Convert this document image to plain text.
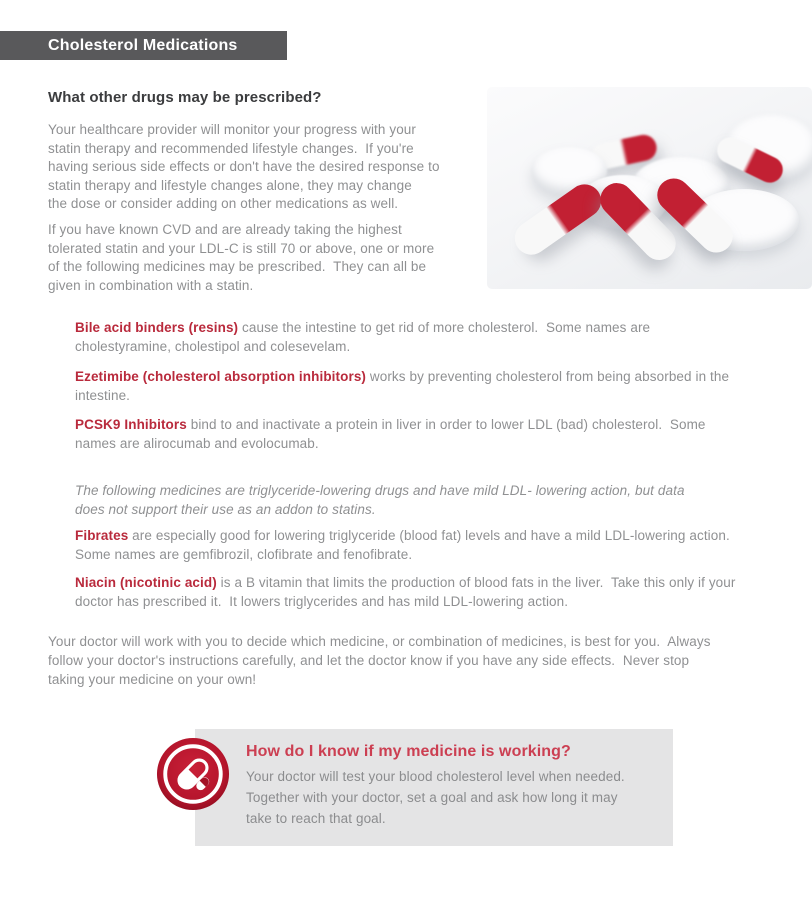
Cholesterol Medications
What other drugs may be prescribed?
Your healthcare provider will monitor your progress with your
statin therapy and recommended lifestyle changes.  If you're
having serious side effects or don't have the desired response to
statin therapy and lifestyle changes alone, they may change
the dose or consider adding on other medications as well.
If you have known CVD and are already taking the highest
tolerated statin and your LDL-C is still 70 or above, one or more
of the following medicines may be prescribed.  They can all be
given in combination with a statin.
Bile acid binders (resins) cause the intestine to get rid of more cholesterol.  Some names are cholestyramine, cholestipol and colesevelam.
Ezetimibe (cholesterol absorption inhibitors) works by preventing cholesterol from being absorbed in the intestine.
PCSK9 Inhibitors bind to and inactivate a protein in liver in order to lower LDL (bad) cholesterol.  Some names are alirocumab and evolocumab.
The following medicines are triglyceride-lowering drugs and have mild LDL- lowering action, but data
does not support their use as an addon to statins.
Fibrates are especially good for lowering triglyceride (blood fat) levels and have a mild LDL-lowering action.  Some names are gemfibrozil, clofibrate and fenofibrate.
Niacin (nicotinic acid) is a B vitamin that limits the production of blood fats in the liver.  Take this only if your doctor has prescribed it.  It lowers triglycerides and has mild LDL-lowering action.
Your doctor will work with you to decide which medicine, or combination of medicines, is best for you.  Always
follow your doctor's instructions carefully, and let the doctor know if you have any side effects.  Never stop
taking your medicine on your own!
How do I know if my medicine is working?
Your doctor will test your blood cholesterol level when needed.
Together with your doctor, set a goal and ask how long it may
take to reach that goal.
